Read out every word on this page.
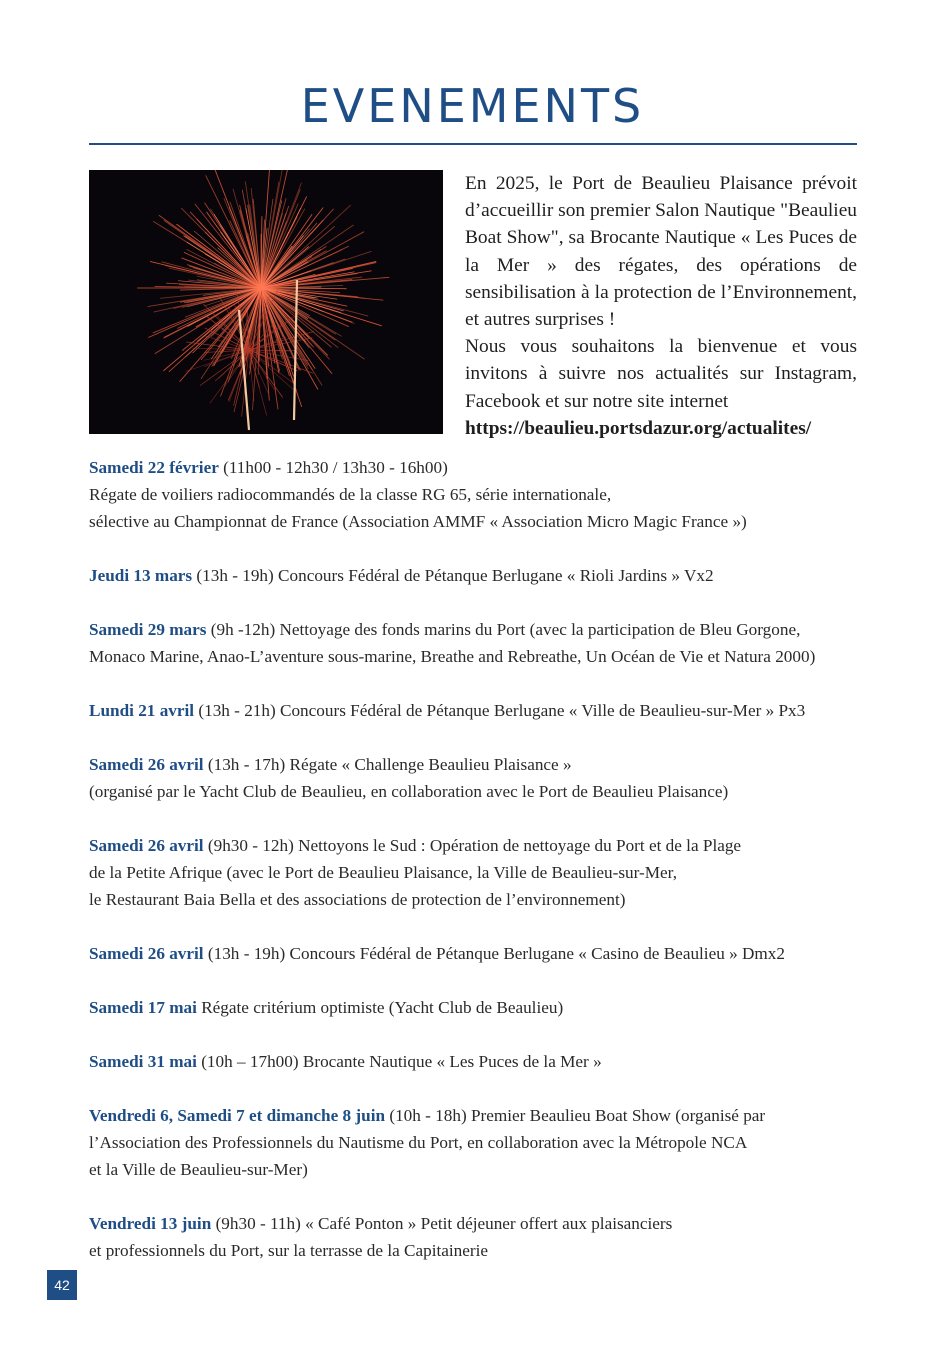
EVENEMENTS

En 2025, le Port de Beaulieu Plaisance prévoit d’accueillir son premier Salon Nautique "Beaulieu Boat Show", sa Brocante Nautique « Les Puces de la Mer » des régates, des opérations de sensibilisation à la protection de l’Environnement, et autres surprises !

Nous vous souhaitons la bienvenue et vous invitons à suivre nos actualités sur Instagram, Facebook et sur notre site internet

https://beaulieu.portsdazur.org/actualites/
Samedi 22 février (11h00 - 12h30 / 13h30 - 16h00)
Régate de voiliers radiocommandés de la classe RG 65, série internationale,
sélective au Championnat de France (Association AMMF « Association Micro Magic France »)
Jeudi 13 mars (13h - 19h) Concours Fédéral de Pétanque Berlugane « Rioli Jardins » Vx2
Samedi 29 mars (9h -12h) Nettoyage des fonds marins du Port (avec la participation de Bleu Gorgone,
Monaco Marine, Anao-L’aventure sous-marine, Breathe and Rebreathe, Un Océan de Vie et Natura 2000)
Lundi 21 avril (13h - 21h) Concours Fédéral de Pétanque Berlugane « Ville de Beaulieu-sur-Mer » Px3
Samedi 26 avril (13h - 17h) Régate « Challenge Beaulieu Plaisance »
(organisé par le Yacht Club de Beaulieu, en collaboration avec le Port de Beaulieu Plaisance)
Samedi 26 avril (9h30 - 12h) Nettoyons le Sud : Opération de nettoyage du Port et de la Plage
de la Petite Afrique (avec le Port de Beaulieu Plaisance, la Ville de Beaulieu-sur-Mer,
le Restaurant Baia Bella et des associations de protection de l’environnement)
Samedi 26 avril (13h - 19h) Concours Fédéral de Pétanque Berlugane « Casino de Beaulieu » Dmx2
Samedi 17 mai Régate critérium optimiste (Yacht Club de Beaulieu)
Samedi 31 mai (10h – 17h00) Brocante Nautique « Les Puces de la Mer »
Vendredi 6, Samedi 7 et dimanche 8 juin (10h - 18h) Premier Beaulieu Boat Show (organisé par
l’Association des Professionnels du Nautisme du Port, en collaboration avec la Métropole NCA
et la Ville de Beaulieu-sur-Mer)
Vendredi 13 juin (9h30 - 11h) « Café Ponton » Petit déjeuner offert aux plaisanciers
et professionnels du Port, sur la terrasse de la Capitainerie
42
